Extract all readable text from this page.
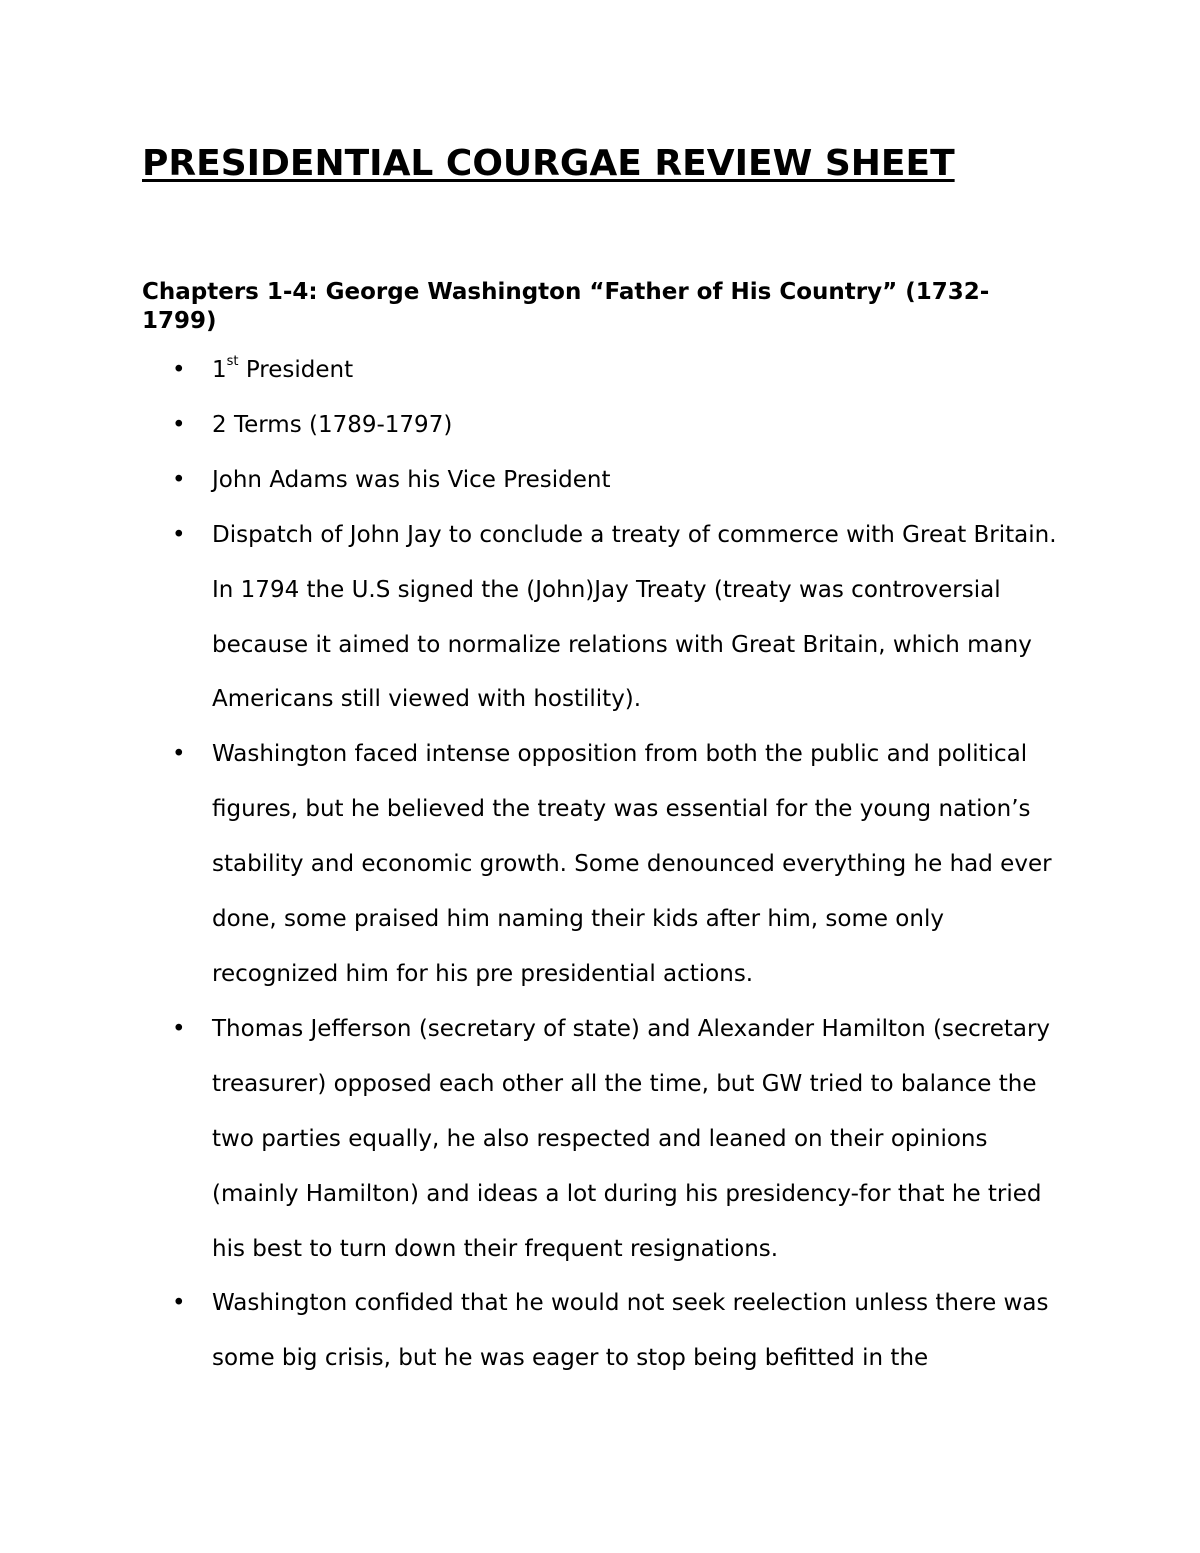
PRESIDENTIAL COURGAE REVIEW SHEET
Chapters 1-4: George Washington “Father of His Country” (1732-1799)
• 1st President
• 2 Terms (1789-1797)
• John Adams was his Vice President
• Dispatch of John Jay to conclude a treaty of commerce with Great Britain. In 1794 the U.S signed the (John)Jay Treaty (treaty was controversial because it aimed to normalize relations with Great Britain, which many Americans still viewed with hostility).
• Washington faced intense opposition from both the public and political figures, but he believed the treaty was essential for the young nation’s stability and economic growth. Some denounced everything he had ever done, some praised him naming their kids after him, some only recognized him for his pre presidential actions.
• Thomas Jefferson (secretary of state) and Alexander Hamilton (secretary treasurer) opposed each other all the time, but GW tried to balance the two parties equally, he also respected and leaned on their opinions (mainly Hamilton) and ideas a lot during his presidency-for that he tried his best to turn down their frequent resignations.
• Washington confided that he would not seek reelection unless there was some big crisis, but he was eager to stop being befitted in the
